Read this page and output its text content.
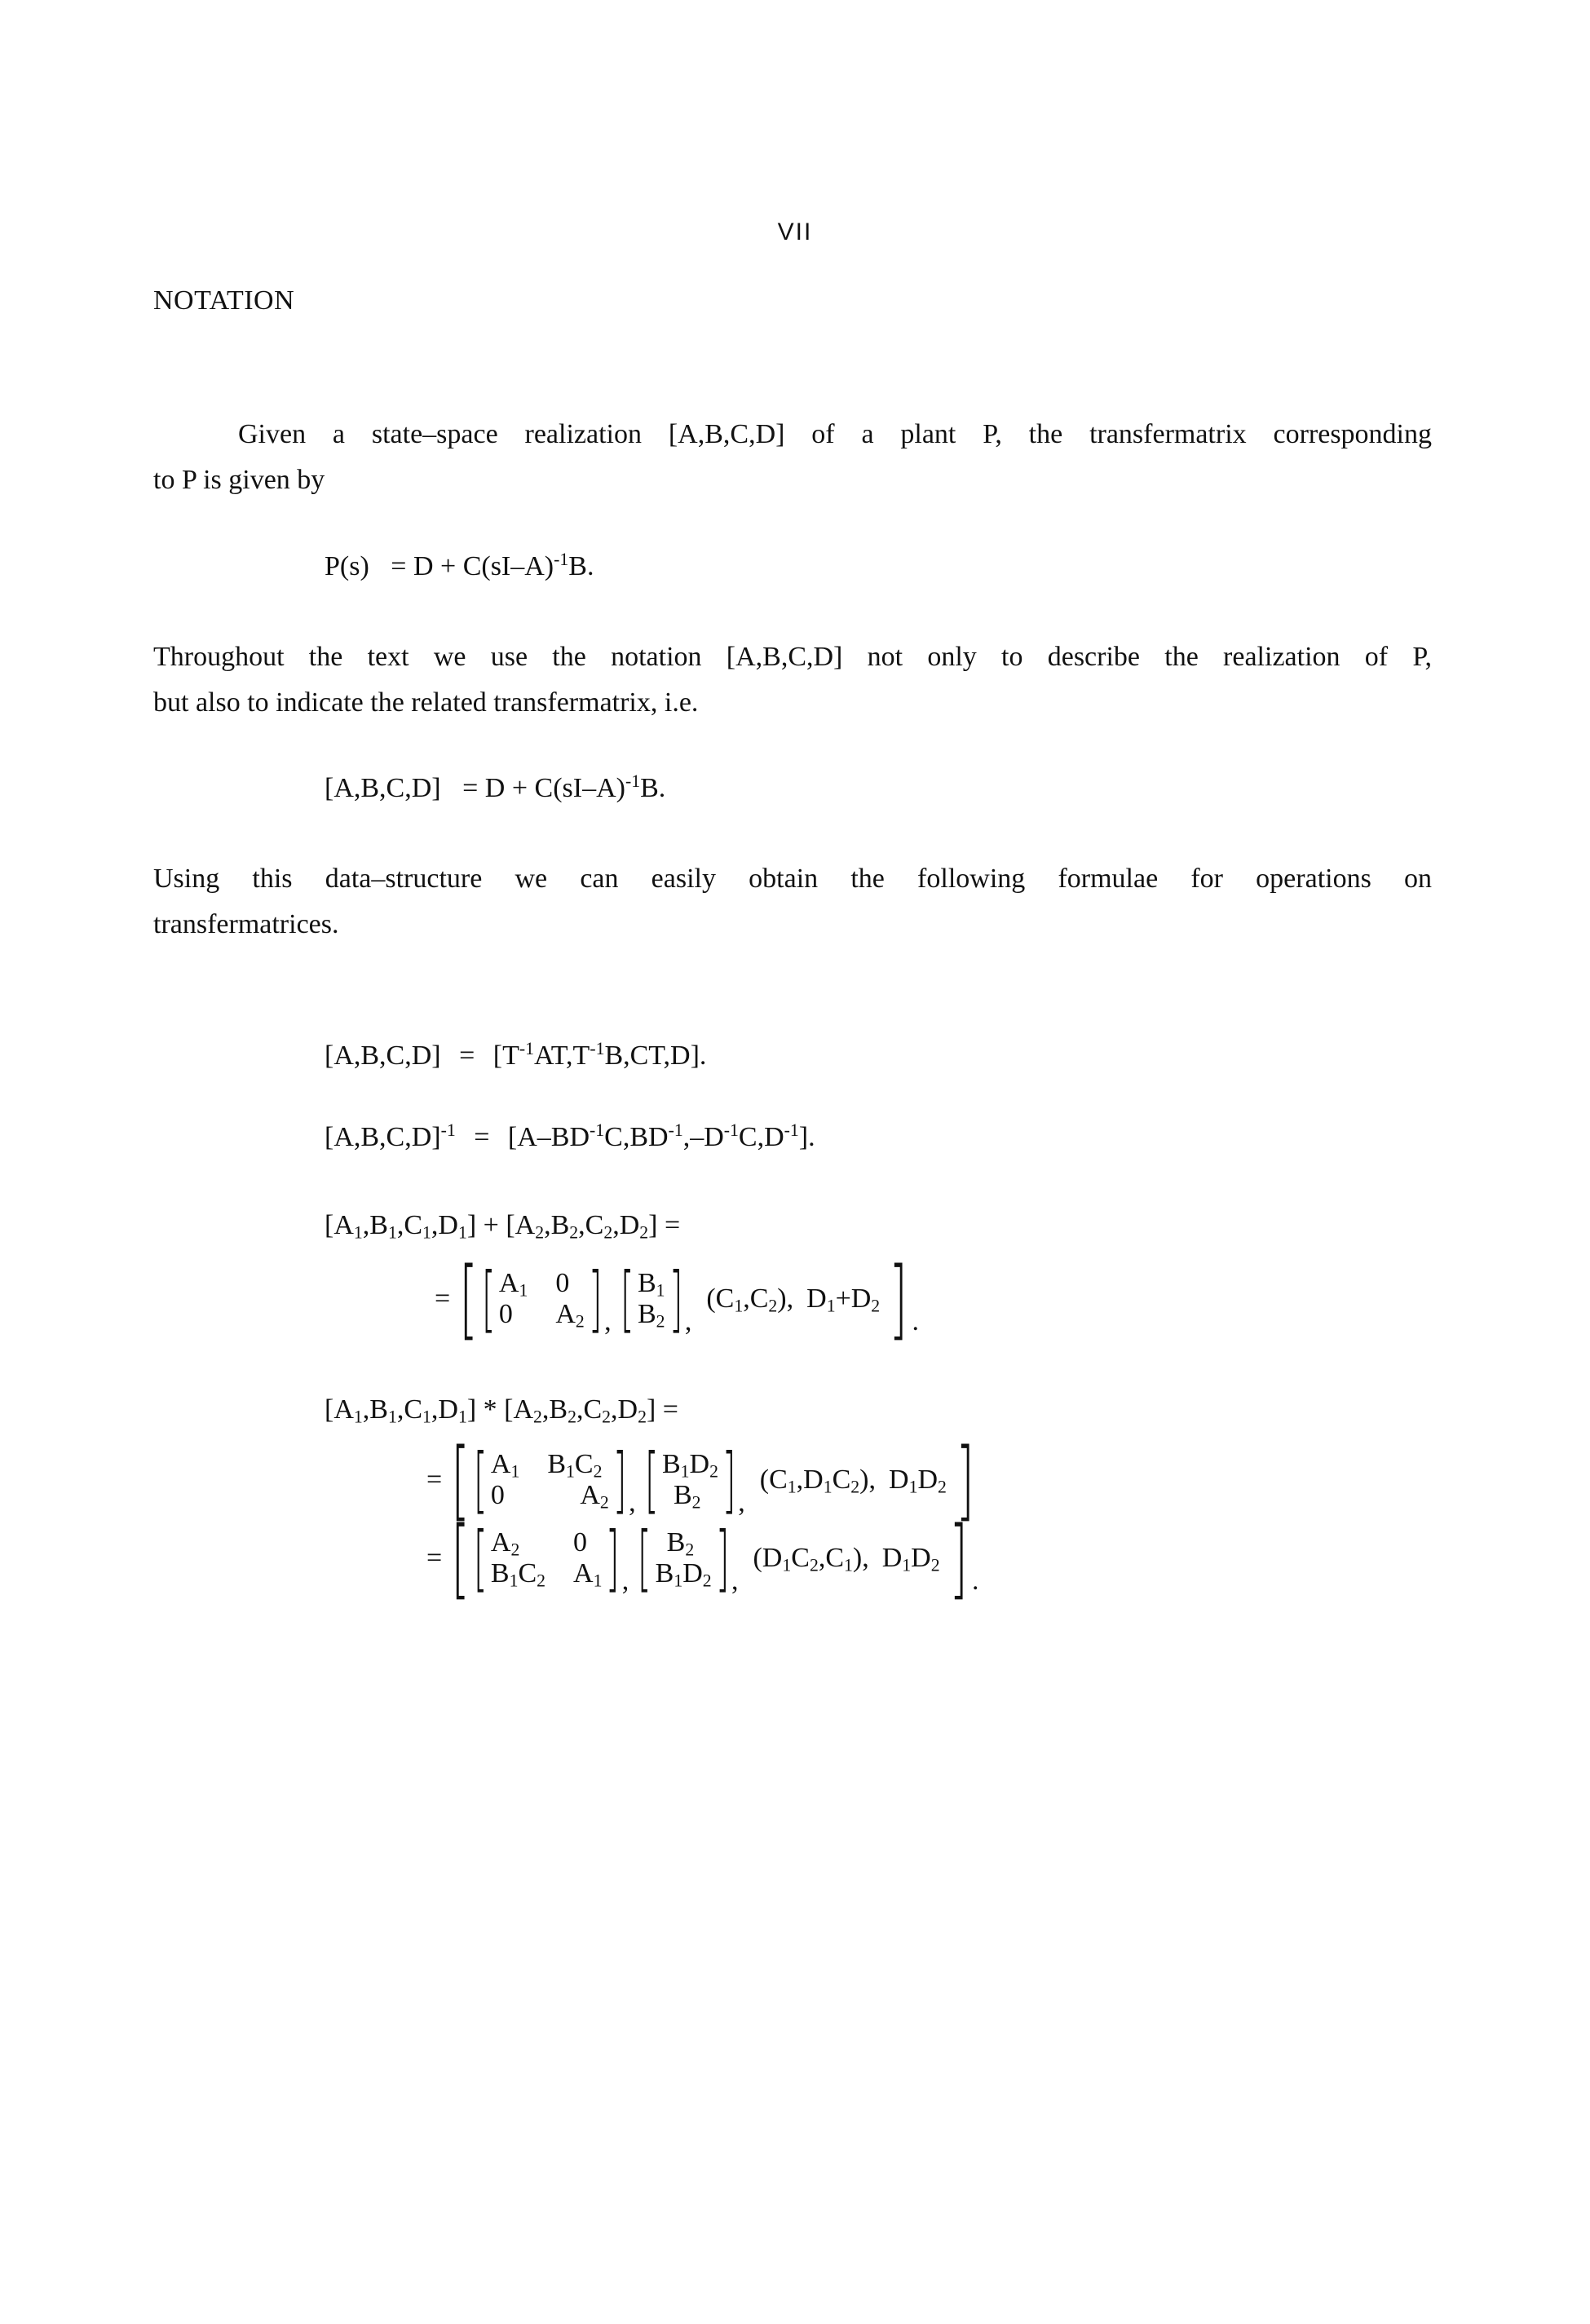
VII
NOTATION
Given a state–space realization [A,B,C,D] of a plant P, the transfermatrix corresponding
to P is given by
$P(s) = D + C(sI-A)^{-1}B$.
Throughout the text we use the notation [A,B,C,D] not only to describe the realization of P,
but also to indicate the related transfermatrix, i.e.
$[A,B,C,D] = D + C(sI-A)^{-1}B$.
Using this data–structure we can easily obtain the following formulae for operations on
transfermatrices.
$[A,B,C,D] = [T^{-1}AT,T^{-1}B,CT,D]$.
$[A,B,C,D]^{-1} = [A-BD^{-1}C,BD^{-1},-D^{-1}C,D^{-1}]$.
$[A_1,B_1,C_1,D_1] + [A_2,B_2,C_2,D_2]$ =
= [ [ $A_1$ 0
0	$A_2$ ] , [ $B_1$
$B_2$ ] ,
$(C_1,C_2)$, $D_1+D_2$ ] .
$[A_1,B_1,C_1,D_1] * [A_2,B_2,C_2,D_2]$ =
= [ [ $A_1$ $B_1C_2$
0	$A_2$ ] , [ $B_1D_2$
$B_2$ ] ,
$(C_1,D_1C_2)$, $D_1D_2$ ]
= [ [ $A_2$	0
$B_1C_2$ $A_1$ ] , [ $B_2$
$B_1D_2$ ] ,
$(D_1C_2,C_1)$, $D_1D_2$ ] .
